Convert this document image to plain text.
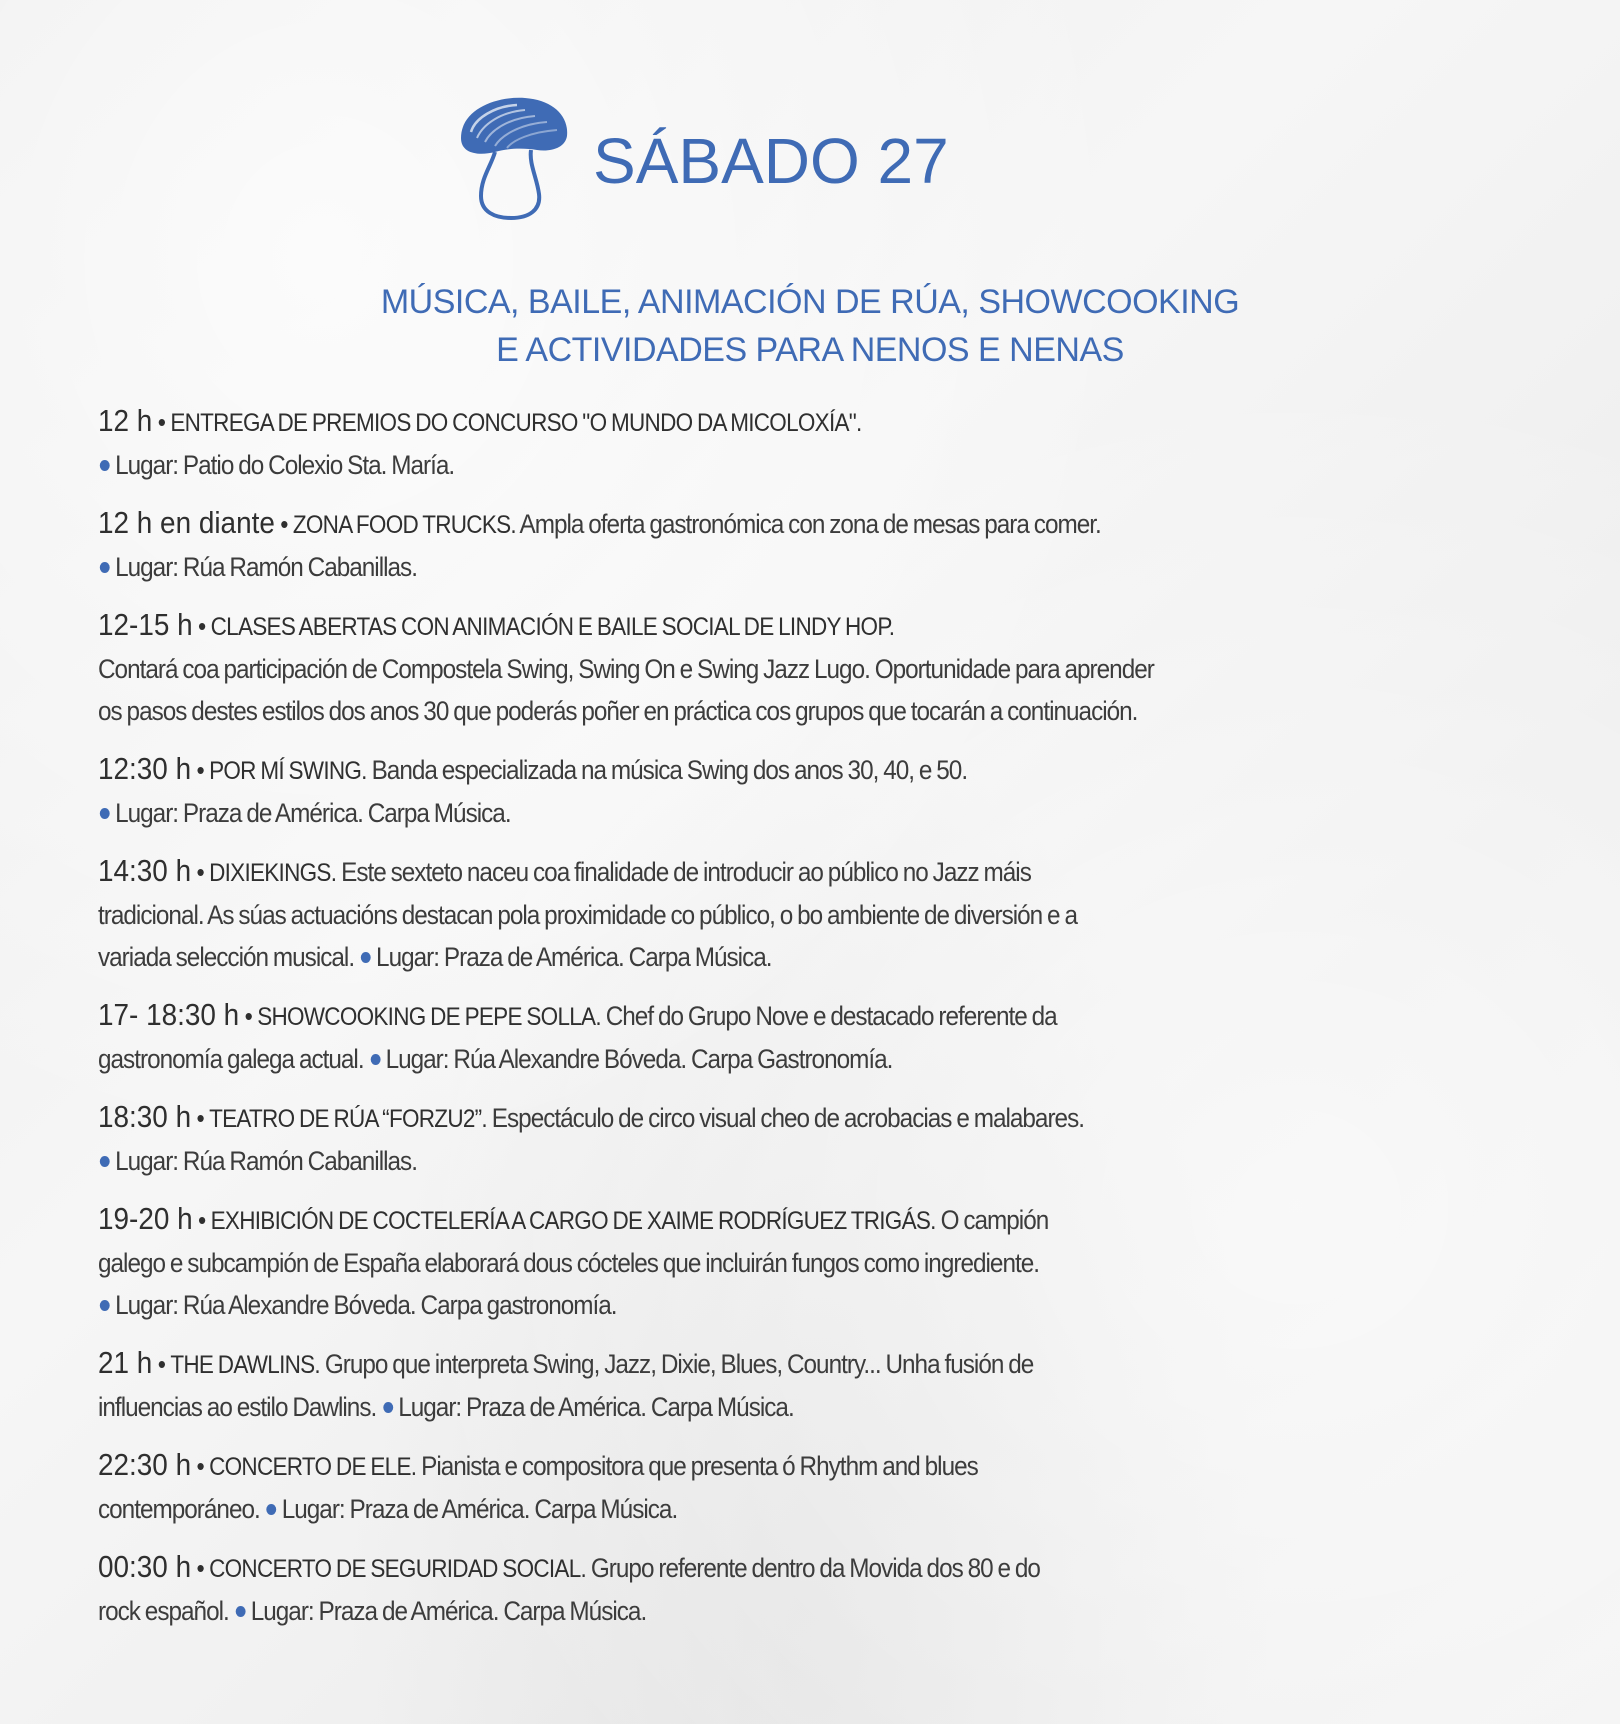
SÁBADO 27
MÚSICA, BAILE, ANIMACIÓN DE RÚA, SHOWCOOKING
E ACTIVIDADES PARA NENOS E NENAS
12 h • ENTREGA DE PREMIOS DO CONCURSO "O MUNDO DA MICOLOXÍA".
Lugar: Patio do Colexio Sta. María.
12 h en diante • ZONA FOOD TRUCKS. Ampla oferta gastronómica con zona de mesas para comer.
Lugar: Rúa Ramón Cabanillas.
12-15 h • CLASES ABERTAS CON ANIMACIÓN E BAILE SOCIAL DE LINDY HOP.
Contará coa participación de Compostela Swing, Swing On e Swing Jazz Lugo. Oportunidade para aprender
os pasos destes estilos dos anos 30 que poderás poñer en práctica cos grupos que tocarán a continuación.
12:30 h • POR MÍ SWING. Banda especializada na música Swing dos anos 30, 40, e 50.
Lugar: Praza de América. Carpa Música.
14:30 h • DIXIEKINGS. Este sexteto naceu coa finalidade de introducir ao público no Jazz máis
tradicional. As súas actuacións destacan pola proximidade co público, o bo ambiente de diversión e a
variada selección musical. Lugar: Praza de América. Carpa Música.
17- 18:30 h • SHOWCOOKING DE PEPE SOLLA. Chef do Grupo Nove e destacado referente da
gastronomía galega actual. Lugar: Rúa Alexandre Bóveda. Carpa Gastronomía.
18:30 h • TEATRO DE RÚA “FORZU2”. Espectáculo de circo visual cheo de acrobacias e malabares.
Lugar: Rúa Ramón Cabanillas.
19-20 h • EXHIBICIÓN DE COCTELERÍA A CARGO DE XAIME RODRÍGUEZ TRIGÁS. O campión
galego e subcampión de España elaborará dous cócteles que incluirán fungos como ingrediente.
Lugar: Rúa Alexandre Bóveda. Carpa gastronomía.
21 h • THE DAWLINS. Grupo que interpreta Swing, Jazz, Dixie, Blues, Country... Unha fusión de
influencias ao estilo Dawlins. Lugar: Praza de América. Carpa Música.
22:30 h • CONCERTO DE ELE. Pianista e compositora que presenta ó Rhythm and blues
contemporáneo. Lugar: Praza de América. Carpa Música.
00:30 h • CONCERTO DE SEGURIDAD SOCIAL. Grupo referente dentro da Movida dos 80 e do
rock español. Lugar: Praza de América. Carpa Música.
